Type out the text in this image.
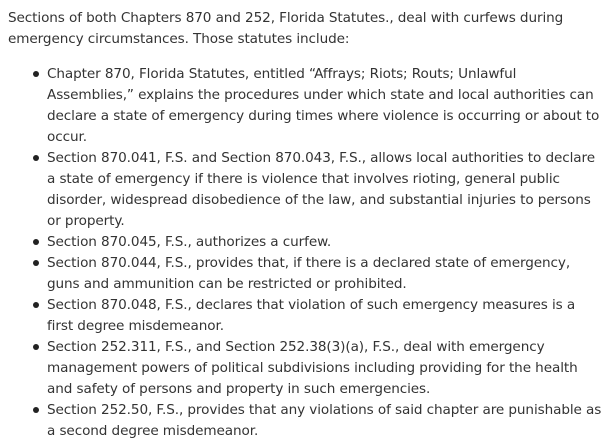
Sections of both Chapters 870 and 252, Florida Statutes., deal with curfews during emergency circumstances. Those statutes include:

Chapter 870, Florida Statutes, entitled “Affrays; Riots; Routs; Unlawful Assemblies,” explains the procedures under which state and local authorities can declare a state of emergency during times where violence is occurring or about to occur.
Section 870.041, F.S. and Section 870.043, F.S., allows local authorities to declare a state of emergency if there is violence that involves rioting, general public disorder, widespread disobedience of the law, and substantial injuries to persons or property.
Section 870.045, F.S., authorizes a curfew.
Section 870.044, F.S., provides that, if there is a declared state of emergency, guns and ammunition can be restricted or prohibited.
Section 870.048, F.S., declares that violation of such emergency measures is a first degree misdemeanor.
Section 252.311, F.S., and Section 252.38(3)(a), F.S., deal with emergency management powers of political subdivisions including providing for the health and safety of persons and property in such emergencies.
Section 252.50, F.S., provides that any violations of said chapter are punishable as a second degree misdemeanor.
